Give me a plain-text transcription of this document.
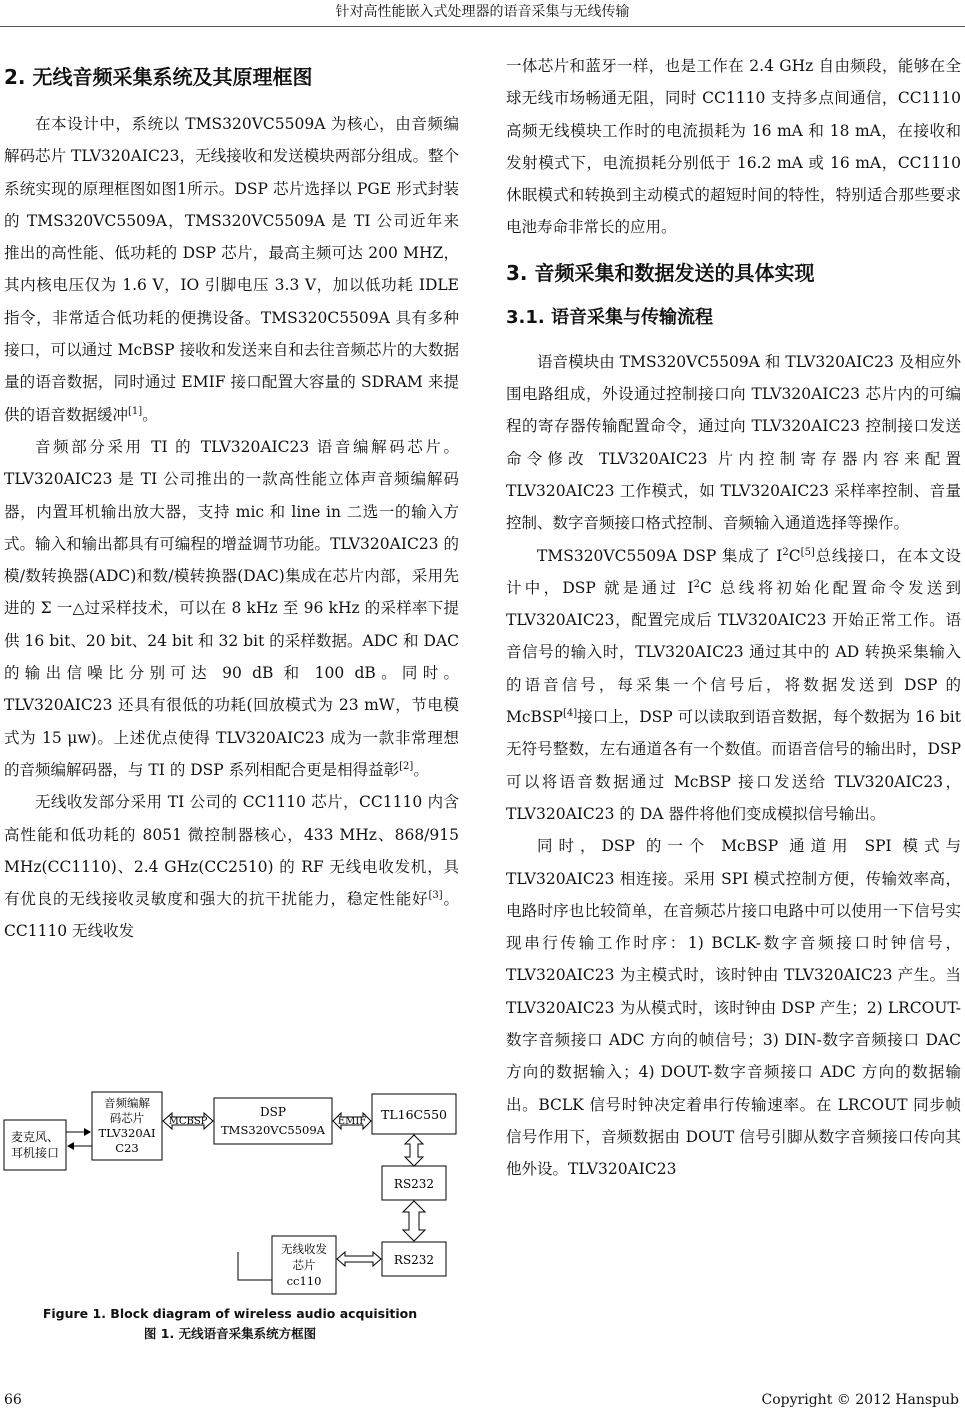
针对高性能嵌入式处理器的语音采集与无线传输
2. 无线音频采集系统及其原理框图

在本设计中，系统以 TMS320VC5509A 为核心，由音频编解码芯片 TLV320AIC23，无线接收和发送模块两部分组成。整个系统实现的原理框图如图1所示。DSP 芯片选择以 PGE 形式封装的 TMS320VC5509A，TMS320VC5509A 是 TI 公司近年来推出的高性能、低功耗的 DSP 芯片，最高主频可达 200 MHZ，其内核电压仅为 1.6 V，IO 引脚电压 3.3 V，加以低功耗 IDLE 指令，非常适合低功耗的便携设备。TMS320C5509A 具有多种接口，可以通过 McBSP 接收和发送来自和去往音频芯片的大数据量的语音数据，同时通过 EMIF 接口配置大容量的 SDRAM 来提供的语音数据缓冲[1]。

音频部分采用 TI 的 TLV320AIC23 语音编解码芯片。TLV320AIC23 是 TI 公司推出的一款高性能立体声音频编解码器，内置耳机输出放大器，支持 mic 和 line in 二选一的输入方式。输入和输出都具有可编程的增益调节功能。TLV320AIC23 的模/数转换器(ADC)和数/模转换器(DAC)集成在芯片内部，采用先进的 Σ 一△过采样技术，可以在 8 kHz 至 96 kHz 的采样率下提供 16 bit、20 bit、24 bit 和 32 bit 的采样数据。ADC 和 DAC 的输出信噪比分别可达 90 dB 和 100 dB。同时。TLV320AIC23 还具有很低的功耗(回放模式为 23 mW，节电模式为 15 μw)。上述优点使得 TLV320AIC23 成为一款非常理想的音频编解码器，与 TI 的 DSP 系列相配合更是相得益彰[2]。

无线收发部分采用 TI 公司的 CC1110 芯片，CC1110 内含高性能和低功耗的 8051 微控制器核心，433 MHz、868/915 MHz(CC1110)、2.4 GHz(CC2510) 的 RF 无线电收发机，具有优良的无线接收灵敏度和强大的抗干扰能力，稳定性能好[3]。CC1110 无线收发

麦克风、
耳机接口
音频编解
码芯片
TLV320AI
C23
DSP
TMS320VC5509A
TL16C550
RS232
RS232
无线收发
芯片
cc110
MCBSP	EMIF
Figure 1. Block diagram of wireless audio acquisition
图 1. 无线语音采集系统方框图

一体芯片和蓝牙一样，也是工作在 2.4 GHz 自由频段，能够在全球无线市场畅通无阻，同时 CC1110 支持多点间通信，CC1110 高频无线模块工作时的电流损耗为 16 mA 和 18 mA，在接收和发射模式下，电流损耗分别低于 16.2 mA 或 16 mA，CC1110 休眠模式和转换到主动模式的超短时间的特性，特别适合那些要求电池寿命非常长的应用。

3. 音频采集和数据发送的具体实现
3.1. 语音采集与传输流程

语音模块由 TMS320VC5509A 和 TLV320AIC23 及相应外围电路组成，外设通过控制接口向 TLV320AIC23 芯片内的可编程的寄存器传输配置命令，通过向 TLV320AIC23 控制接口发送命令修改 TLV320AIC23 片内控制寄存器内容来配置 TLV320AIC23 工作模式，如 TLV320AIC23 采样率控制、音量控制、数字音频接口格式控制、音频输入通道选择等操作。

TMS320VC5509A DSP 集成了 $I^2C[5]$总线接口，在本文设计中，DSP 就是通过 $I^2C$ 总线将初始化配置命令发送到 TLV320AIC23，配置完成后 TLV320AIC23 开始正常工作。语音信号的输入时，TLV320AIC23 通过其中的 AD 转换采集输入的语音信号，每采集一个信号后，将数据发送到 DSP 的 McBSP[4]接口上，DSP 可以读取到语音数据，每个数据为 16 bit 无符号整数，左右通道各有一个数值。而语音信号的输出时，DSP 可以将语音数据通过 McBSP 接口发送给 TLV320AIC23，TLV320AIC23 的 DA 器件将他们变成模拟信号输出。

同时，DSP 的一个 McBSP 通道用 SPI 模式与 TLV320AIC23 相连接。采用 SPI 模式控制方便，传输效率高，电路时序也比较简单，在音频芯片接口电路中可以使用一下信号实现串行传输工作时序：1) BCLK-数字音频接口时钟信号，TLV320AIC23 为主模式时，该时钟由 TLV320AIC23 产生。当 TLV320AIC23 为从模式时，该时钟由 DSP 产生；2) LRCOUT-数字音频接口 ADC 方向的帧信号；3) DIN-数字音频接口 DAC 方向的数据输入；4) DOUT-数字音频接口 ADC 方向的数据输出。BCLK 信号时钟决定着串行传输速率。在 LRCOUT 同步帧信号作用下，音频数据由 DOUT 信号引脚从数字音频接口传向其他外设。TLV320AIC23

66	Copyright © 2012 Hanspub
